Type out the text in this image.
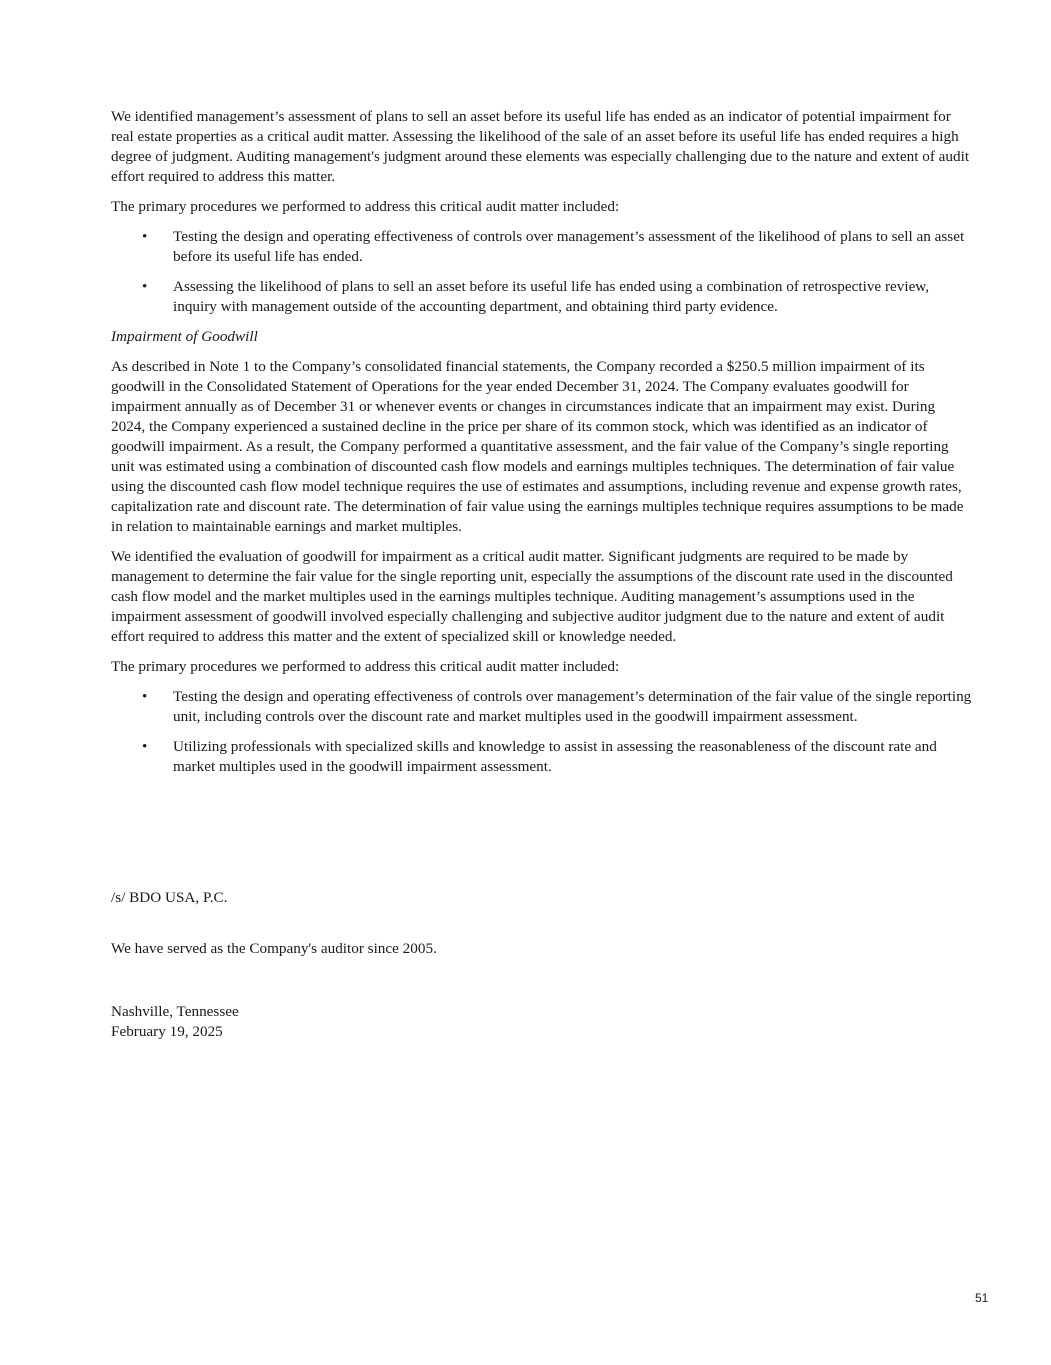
We identified management’s assessment of plans to sell an asset before its useful life has ended as an indicator of potential impairment for real estate properties as a critical audit matter. Assessing the likelihood of the sale of an asset before its useful life has ended requires a high degree of judgment. Auditing management's judgment around these elements was especially challenging due to the nature and extent of audit effort required to address this matter.

The primary procedures we performed to address this critical audit matter included:

• Testing the design and operating effectiveness of controls over management’s assessment of the likelihood of plans to sell an asset before its useful life has ended.
• Assessing the likelihood of plans to sell an asset before its useful life has ended using a combination of retrospective review, inquiry with management outside of the accounting department, and obtaining third party evidence.

Impairment of Goodwill

As described in Note 1 to the Company’s consolidated financial statements, the Company recorded a $250.5 million impairment of its goodwill in the Consolidated Statement of Operations for the year ended December 31, 2024. The Company evaluates goodwill for impairment annually as of December 31 or whenever events or changes in circumstances indicate that an impairment may exist. During 2024, the Company experienced a sustained decline in the price per share of its common stock, which was identified as an indicator of goodwill impairment. As a result, the Company performed a quantitative assessment, and the fair value of the Company’s single reporting unit was estimated using a combination of discounted cash flow models and earnings multiples techniques. The determination of fair value using the discounted cash flow model technique requires the use of estimates and assumptions, including revenue and expense growth rates, capitalization rate and discount rate. The determination of fair value using the earnings multiples technique requires assumptions to be made in relation to maintainable earnings and market multiples.

We identified the evaluation of goodwill for impairment as a critical audit matter. Significant judgments are required to be made by management to determine the fair value for the single reporting unit, especially the assumptions of the discount rate used in the discounted cash flow model and the market multiples used in the earnings multiples technique. Auditing management’s assumptions used in the impairment assessment of goodwill involved especially challenging and subjective auditor judgment due to the nature and extent of audit effort required to address this matter and the extent of specialized skill or knowledge needed.

The primary procedures we performed to address this critical audit matter included:

• Testing the design and operating effectiveness of controls over management’s determination of the fair value of the single reporting unit, including controls over the discount rate and market multiples used in the goodwill impairment assessment.
• Utilizing professionals with specialized skills and knowledge to assist in assessing the reasonableness of the discount rate and market multiples used in the goodwill impairment assessment.
/s/ BDO USA, P.C.
We have served as the Company's auditor since 2005.
Nashville, Tennessee
February 19, 2025
51
